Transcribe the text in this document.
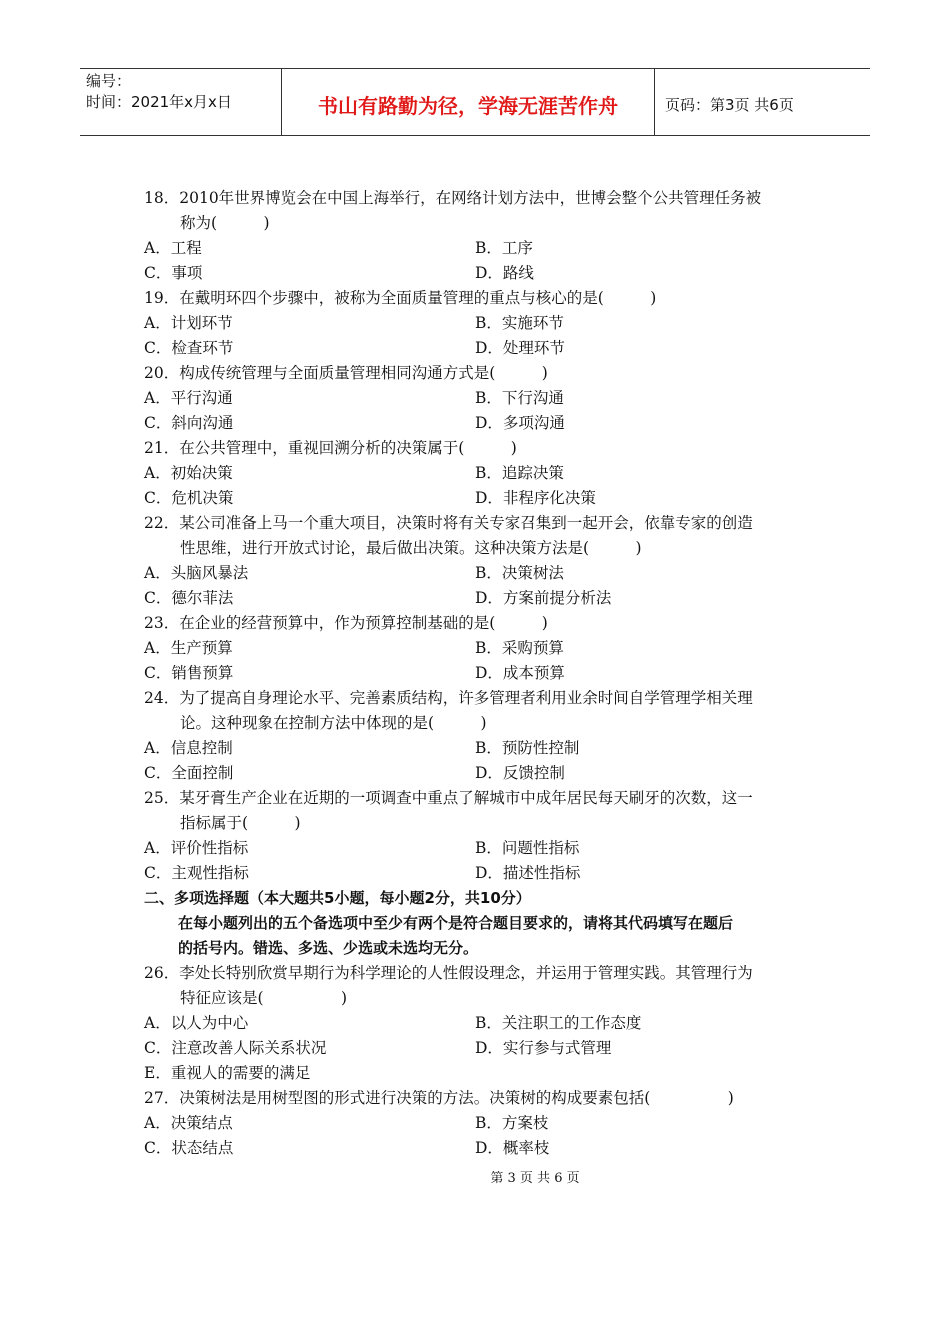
编号：
时间：2021年x月x日	书山有路勤为径，学海无涯苦作舟	页码：第3页 共6页
18．2010年世界博览会在中国上海举行，在网络计划方法中，世博会整个公共管理任务被
称为(　　　)
A．工程	B．工序
C．事项	D．路线
19．在戴明环四个步骤中，被称为全面质量管理的重点与核心的是(　　　)
A．计划环节	B．实施环节
C．检查环节	D．处理环节
20．构成传统管理与全面质量管理相同沟通方式是(　　　)
A．平行沟通	B．下行沟通
C．斜向沟通	D．多项沟通
21．在公共管理中，重视回溯分析的决策属于(　　　)
A．初始决策	B．追踪决策
C．危机决策	D．非程序化决策
22．某公司准备上马一个重大项目，决策时将有关专家召集到一起开会，依靠专家的创造
性思维，进行开放式讨论，最后做出决策。这种决策方法是(　　　)
A．头脑风暴法	B．决策树法
C．德尔菲法	D．方案前提分析法
23．在企业的经营预算中，作为预算控制基础的是(　　　)
A．生产预算	B．采购预算
C．销售预算	D．成本预算
24．为了提高自身理论水平、完善素质结构，许多管理者利用业余时间自学管理学相关理
论。这种现象在控制方法中体现的是(　　　)
A．信息控制	B．预防性控制
C．全面控制	D．反馈控制
25．某牙膏生产企业在近期的一项调查中重点了解城市中成年居民每天刷牙的次数，这一
指标属于(　　　)
A．评价性指标	B．问题性指标
C．主观性指标	D．描述性指标
二、多项选择题（本大题共5小题，每小题2分，共10分）
在每小题列出的五个备选项中至少有两个是符合题目要求的，请将其代码填写在题后
的括号内。错选、多选、少选或未选均无分。
26．李处长特别欣赏早期行为科学理论的人性假设理念，并运用于管理实践。其管理行为
特征应该是(　　　　　)
A．以人为中心	B．关注职工的工作态度
C．注意改善人际关系状况	D．实行参与式管理
E．重视人的需要的满足
27．决策树法是用树型图的形式进行决策的方法。决策树的构成要素包括(　　　　　)
A．决策结点	B．方案枝
C．状态结点	D．概率枝
第 3 页 共 6 页
